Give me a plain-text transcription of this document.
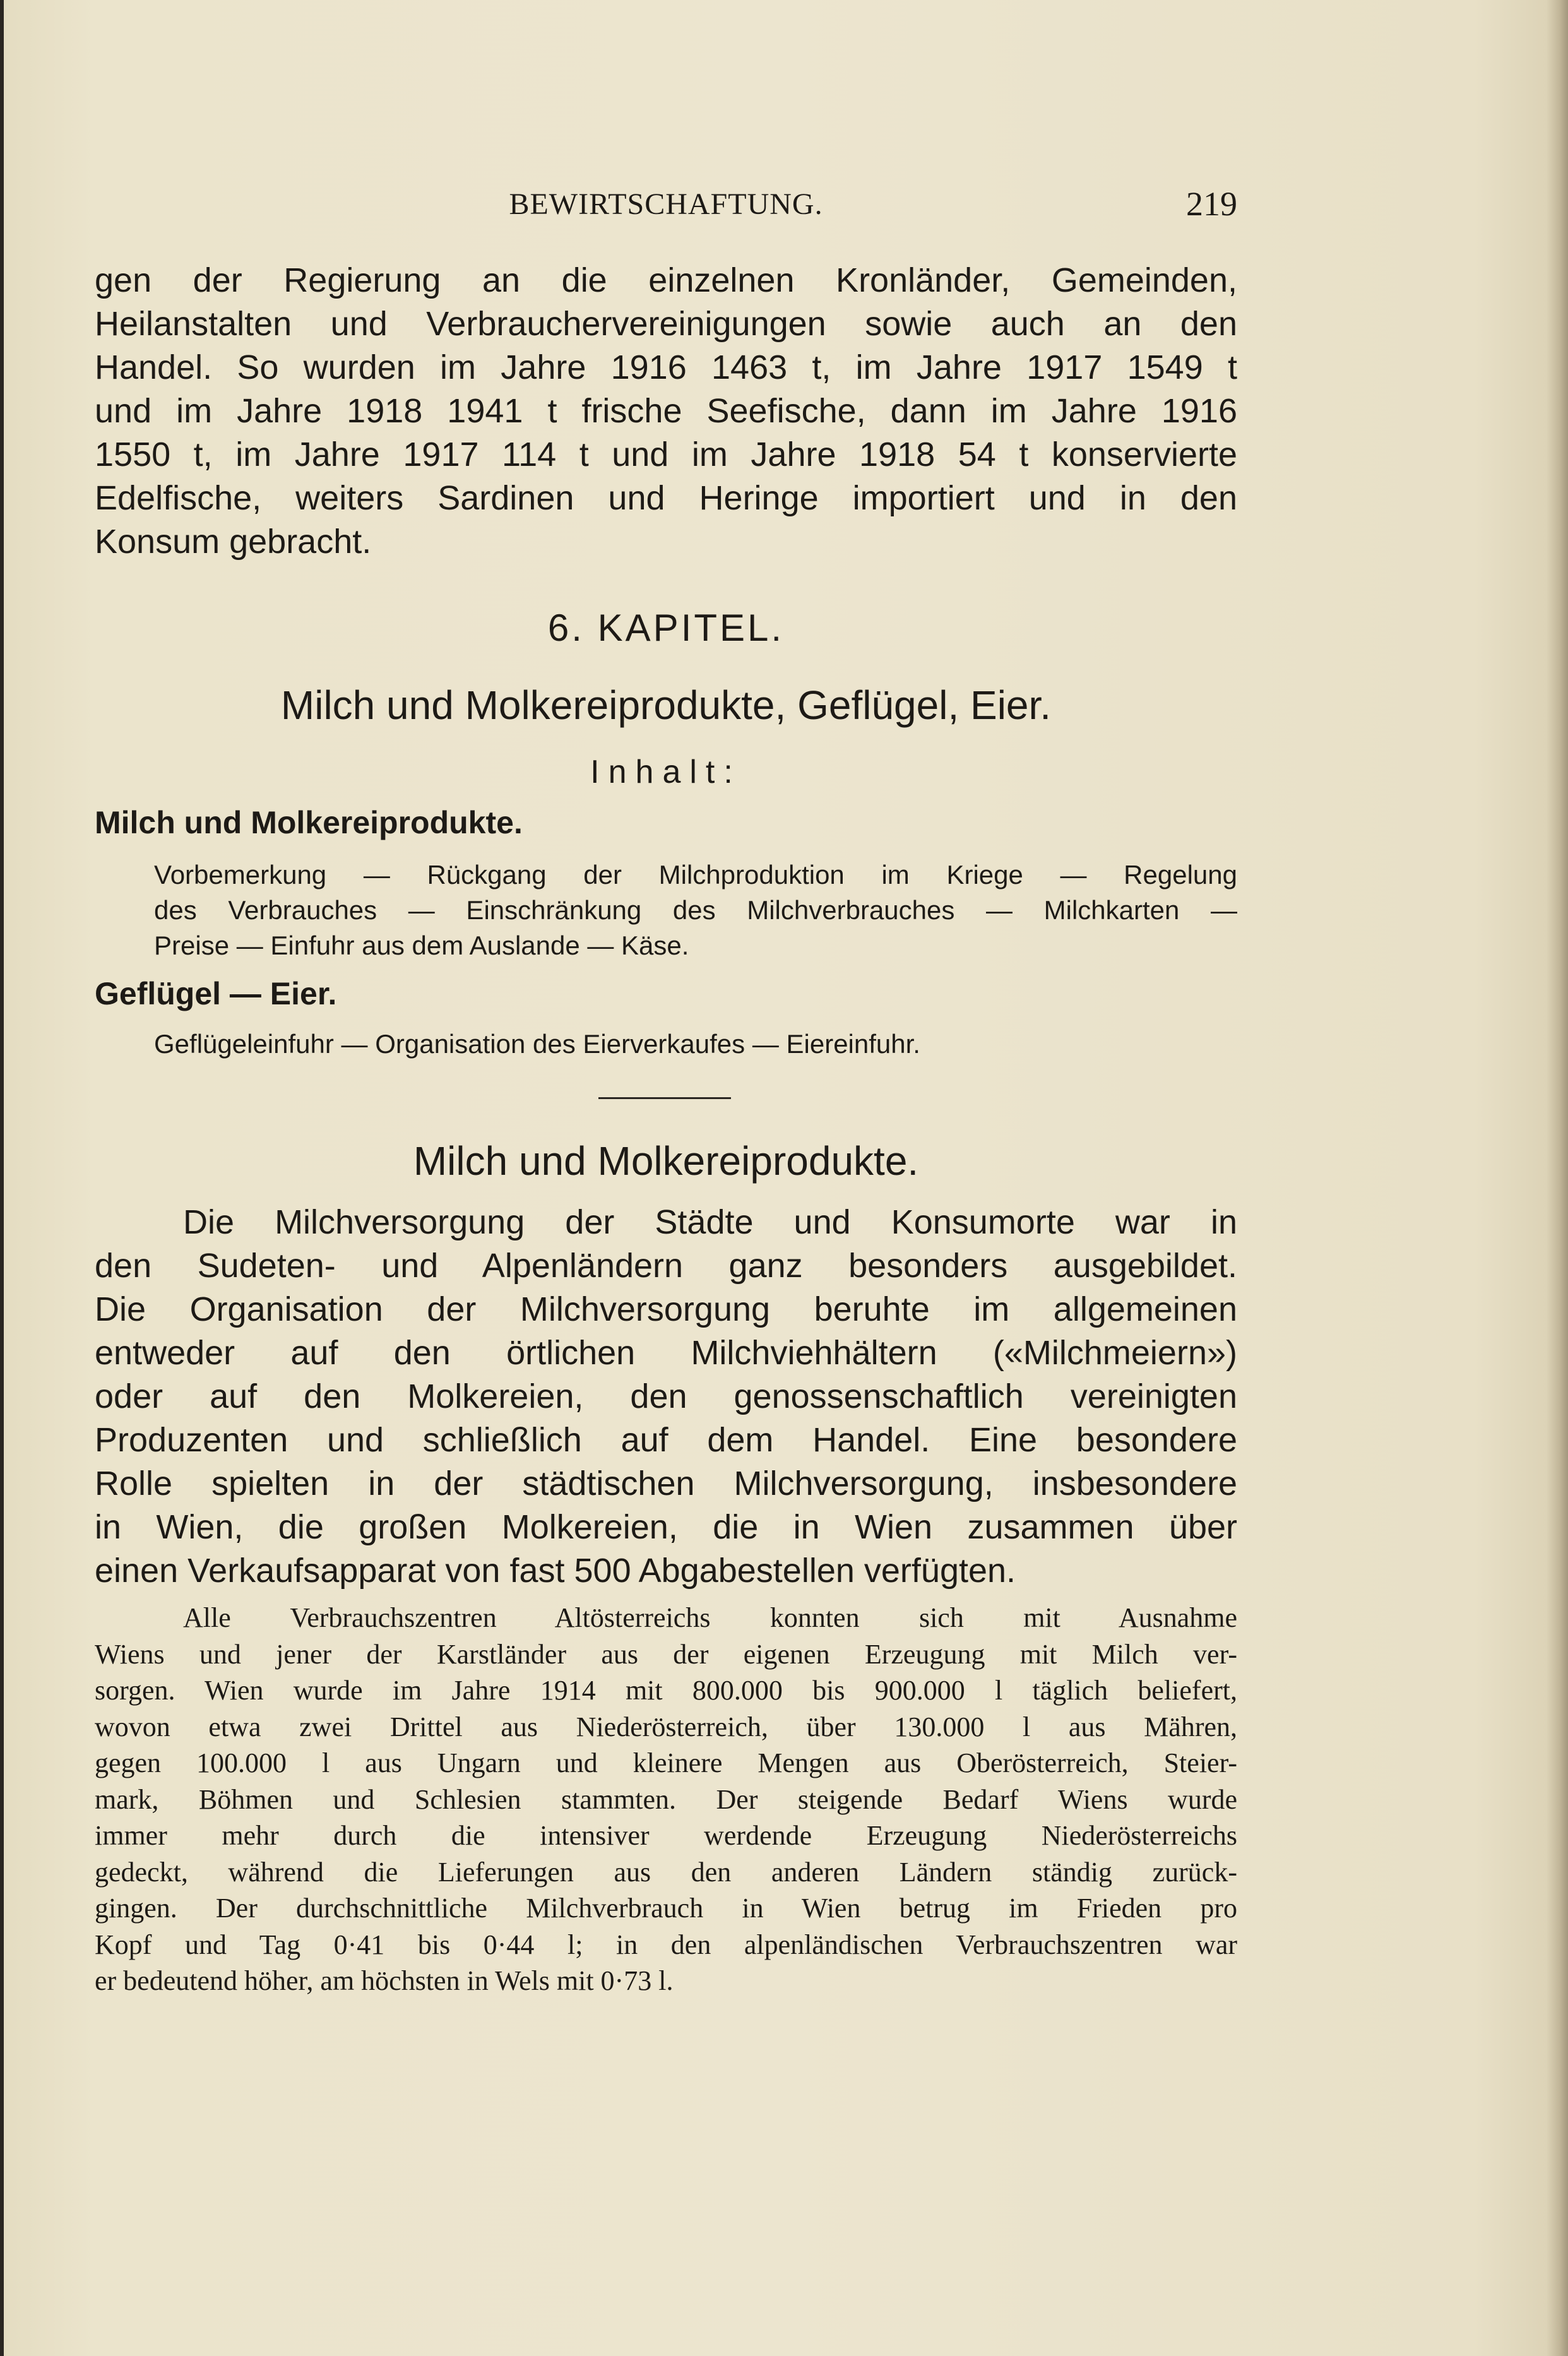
BEWIRTSCHAFTUNG.	219
gen der Regierung an die einzelnen Kronländer, Gemeinden,
Heilanstalten und Verbrauchervereinigungen sowie auch an den
Handel. So wurden im Jahre 1916 1463 t, im Jahre 1917 1549 t
und im Jahre 1918 1941 t frische Seefische, dann im Jahre 1916
1550 t, im Jahre 1917 114 t und im Jahre 1918 54 t konservierte
Edelfische, weiters Sardinen und Heringe importiert und in den
Konsum gebracht.
6. KAPITEL.
Milch und Molkereiprodukte, Geflügel, Eier.
Inhalt:
Milch und Molkereiprodukte.
Vorbemerkung — Rückgang der Milchproduktion im Kriege — Regelung
des Verbrauches — Einschränkung des Milchverbrauches — Milchkarten —
Preise — Einfuhr aus dem Auslande — Käse.
Geflügel — Eier.
Geflügeleinfuhr — Organisation des Eierverkaufes — Eiereinfuhr.
Milch und Molkereiprodukte.
Die Milchversorgung der Städte und Konsumorte war in
den Sudeten- und Alpenländern ganz besonders ausgebildet.
Die Organisation der Milchversorgung beruhte im allgemeinen
entweder auf den örtlichen Milchviehhältern («Milchmeiern»)
oder auf den Molkereien, den genossenschaftlich vereinigten
Produzenten und schließlich auf dem Handel. Eine besondere
Rolle spielten in der städtischen Milchversorgung, insbesondere
in Wien, die großen Molkereien, die in Wien zusammen über
einen Verkaufsapparat von fast 500 Abgabestellen verfügten.
Alle Verbrauchszentren Altösterreichs konnten sich mit Ausnahme
Wiens und jener der Karstländer aus der eigenen Erzeugung mit Milch ver-
sorgen. Wien wurde im Jahre 1914 mit 800.000 bis 900.000 l täglich beliefert,
wovon etwa zwei Drittel aus Niederösterreich, über 130.000 l aus Mähren,
gegen 100.000 l aus Ungarn und kleinere Mengen aus Oberösterreich, Steier-
mark, Böhmen und Schlesien stammten. Der steigende Bedarf Wiens wurde
immer mehr durch die intensiver werdende Erzeugung Niederösterreichs
gedeckt, während die Lieferungen aus den anderen Ländern ständig zurück-
gingen. Der durchschnittliche Milchverbrauch in Wien betrug im Frieden pro
Kopf und Tag 0·41 bis 0·44 l; in den alpenländischen Verbrauchszentren war
er bedeutend höher, am höchsten in Wels mit 0·73 l.
